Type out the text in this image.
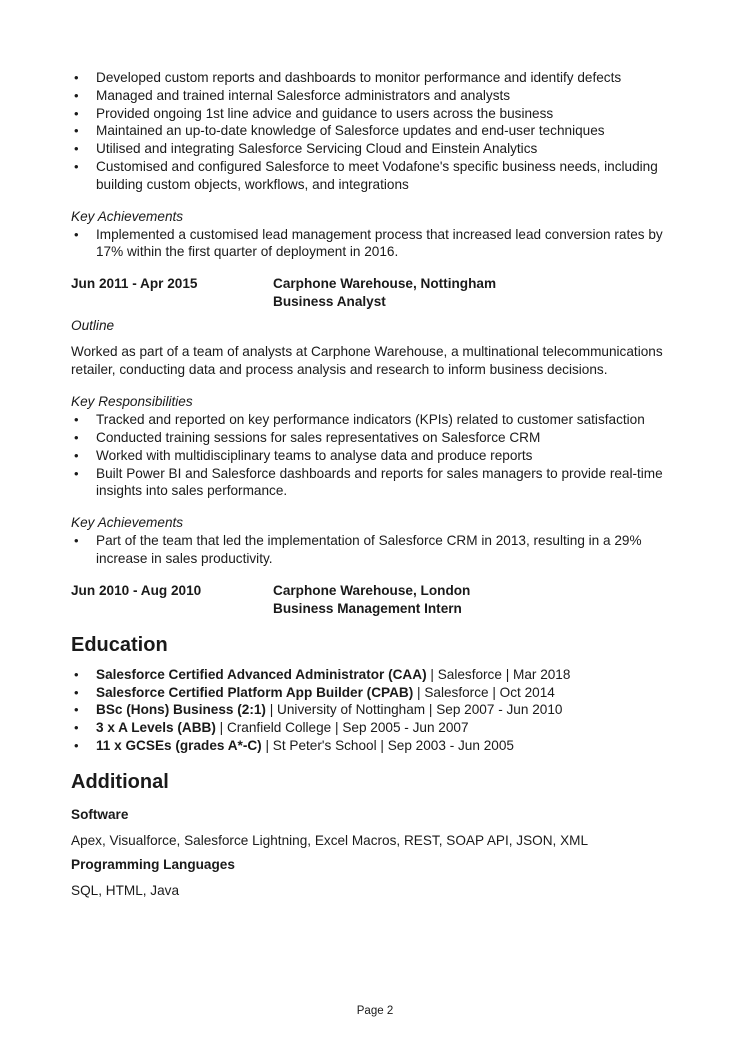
• Developed custom reports and dashboards to monitor performance and identify defects
• Managed and trained internal Salesforce administrators and analysts
• Provided ongoing 1st line advice and guidance to users across the business
• Maintained an up-to-date knowledge of Salesforce updates and end-user techniques
• Utilised and integrating Salesforce Servicing Cloud and Einstein Analytics
• Customised and configured Salesforce to meet Vodafone's specific business needs, including building custom objects, workflows, and integrations

Key Achievements

• Implemented a customised lead management process that increased lead conversion rates by 17% within the first quarter of deployment in 2016.
Jun 2011 - Apr 2015	Carphone Warehouse, Nottingham
Business Analyst

Outline

Worked as part of a team of analysts at Carphone Warehouse, a multinational telecommunications retailer, conducting data and process analysis and research to inform business decisions.

Key Responsibilities

• Tracked and reported on key performance indicators (KPIs) related to customer satisfaction
• Conducted training sessions for sales representatives on Salesforce CRM
• Worked with multidisciplinary teams to analyse data and produce reports
• Built Power BI and Salesforce dashboards and reports for sales managers to provide real-time insights into sales performance.

Key Achievements

• Part of the team that led the implementation of Salesforce CRM in 2013, resulting in a 29% increase in sales productivity.
Jun 2010 - Aug 2010	Carphone Warehouse, London
Business Management Intern
Education
• Salesforce Certified Advanced Administrator (CAA) | Salesforce | Mar 2018
• Salesforce Certified Platform App Builder (CPAB) | Salesforce | Oct 2014
• BSc (Hons) Business (2:1) | University of Nottingham | Sep 2007 - Jun 2010
• 3 x A Levels (ABB) | Cranfield College | Sep 2005 - Jun 2007
• 11 x GCSEs (grades A*-C) | St Peter's School | Sep 2003 - Jun 2005
Additional

Software

Apex, Visualforce, Salesforce Lightning, Excel Macros, REST, SOAP API, JSON, XML

Programming Languages

SQL, HTML, Java

Page 2
